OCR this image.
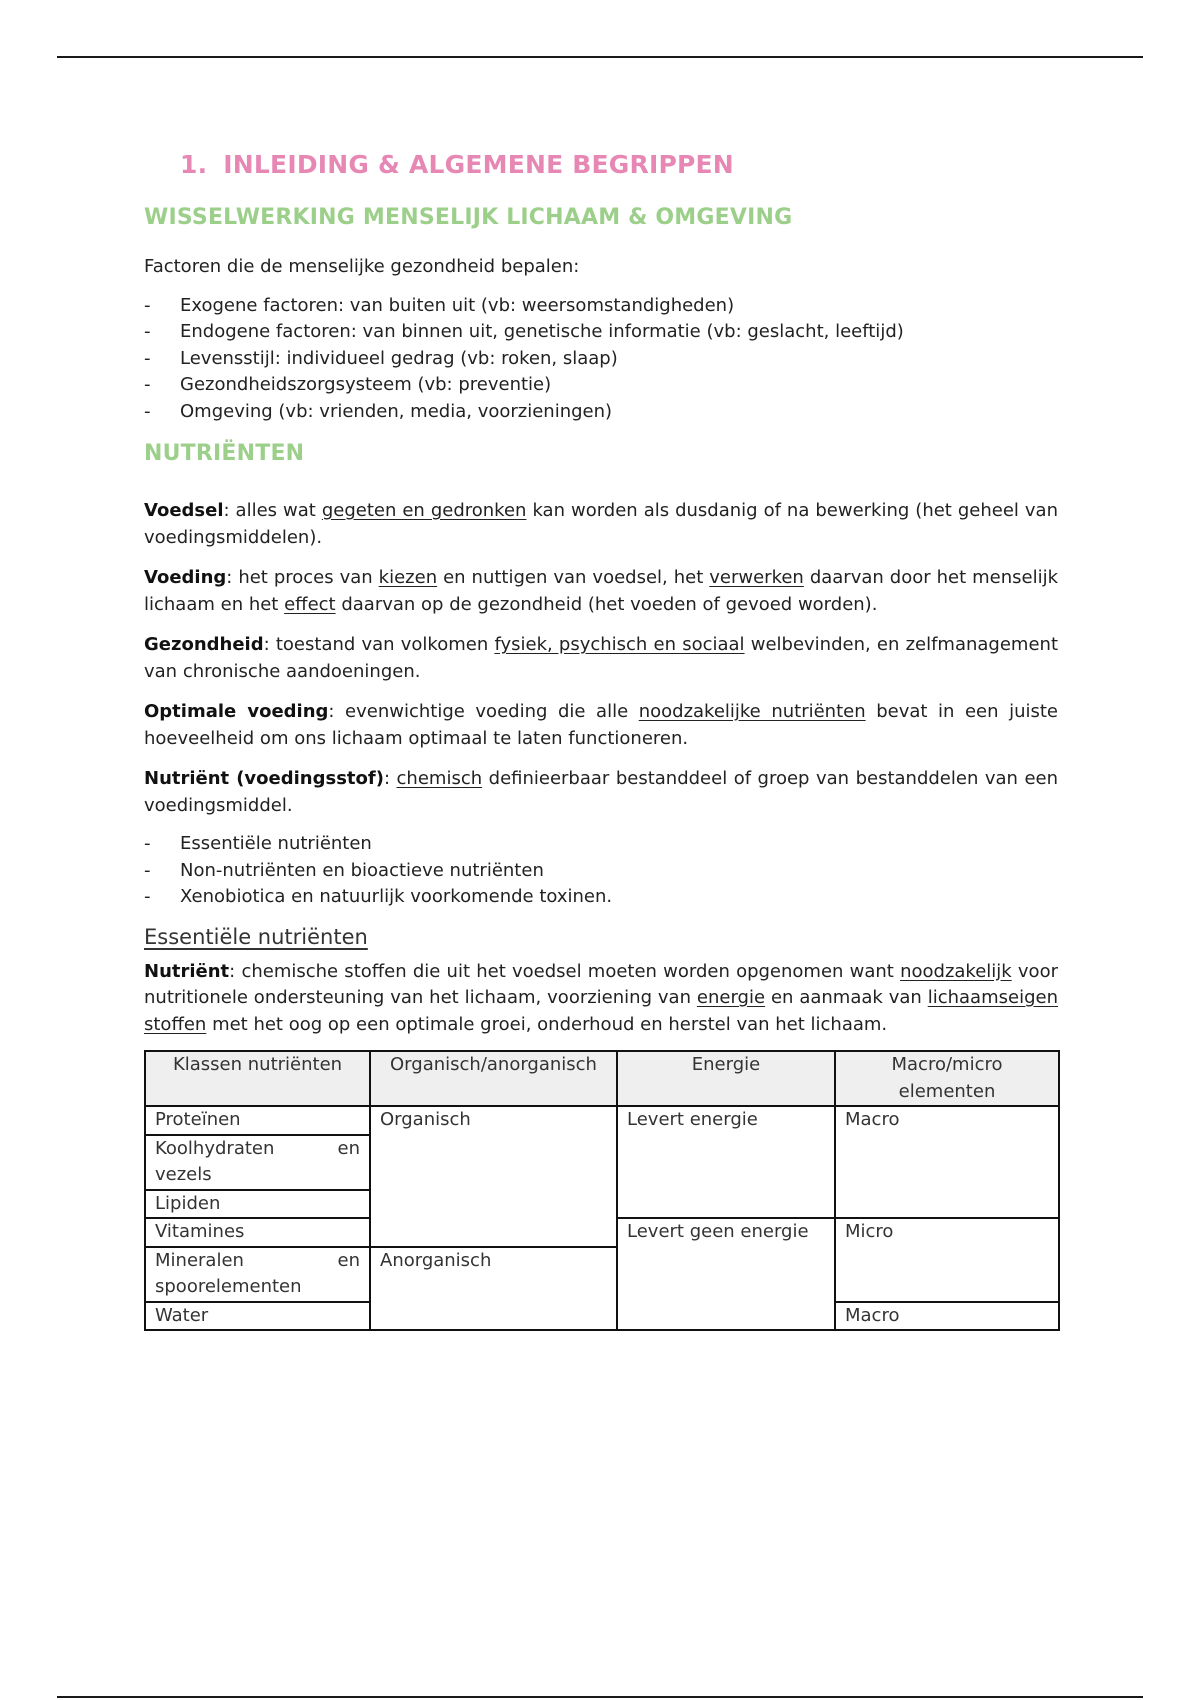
1. INLEIDING & ALGEMENE BEGRIPPEN
WISSELWERKING MENSELIJK LICHAAM & OMGEVING

Factoren die de menselijke gezondheid bepalen:

- Exogene factoren: van buiten uit (vb: weersomstandigheden)
- Endogene factoren: van binnen uit, genetische informatie (vb: geslacht, leeftijd)
- Levensstijl: individueel gedrag (vb: roken, slaap)
- Gezondheidszorgsysteem (vb: preventie)
- Omgeving (vb: vrienden, media, voorzieningen)
NUTRIËNTEN

Voedsel: alles wat gegeten en gedronken kan worden als dusdanig of na bewerking (het geheel van voedingsmiddelen).

Voeding: het proces van kiezen en nuttigen van voedsel, het verwerken daarvan door het menselijk lichaam en het effect daarvan op de gezondheid (het voeden of gevoed worden).

Gezondheid: toestand van volkomen fysiek, psychisch en sociaal welbevinden, en zelfmanagement van chronische aandoeningen.

Optimale voeding: evenwichtige voeding die alle noodzakelijke nutriënten bevat in een juiste hoeveelheid om ons lichaam optimaal te laten functioneren.

Nutriënt (voedingsstof): chemisch definieerbaar bestanddeel of groep van bestanddelen van een voedingsmiddel.

- Essentiële nutriënten
- Non-nutriënten en bioactieve nutriënten
- Xenobiotica en natuurlijk voorkomende toxinen.
Essentiële nutriënten

Nutriënt: chemische stoffen die uit het voedsel moeten worden opgenomen want noodzakelijk voor nutritionele ondersteuning van het lichaam, voorziening van energie en aanmaak van lichaamseigen stoffen met het oog op een optimale groei, onderhoud en herstel van het lichaam.

Klassen nutriënten	Organisch/anorganisch	Energie	Macro/micro elementen
Proteïnen	Organisch	Levert energie	Macro

Koolhydraten en
vezels			

Lipiden			
Vitamines		Levert geen energie	Micro

Mineralen en
spoorelementen	Anorganisch		
Water			Macro
